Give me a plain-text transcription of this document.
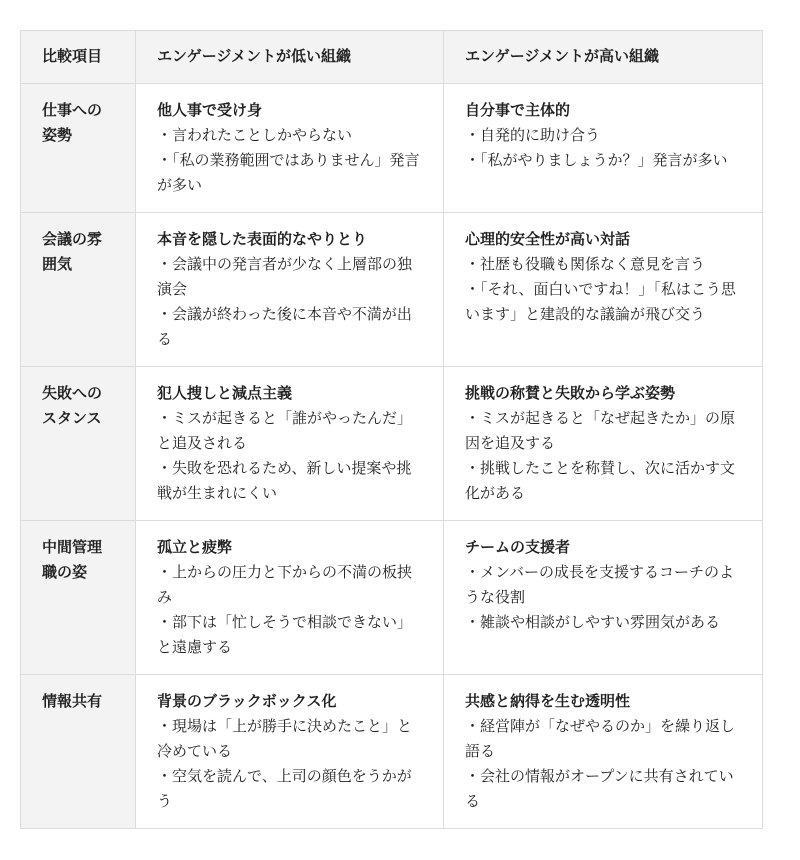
比較項目	エンゲージメントが低い組織	エンゲージメントが高い組織
仕事への姿勢	他人事で受け身
・言われたことしかやらない
・「私の業務範囲ではありません」発言が多い	自分事で主体的
・自発的に助け合う
・「私がやりましょうか？」発言が多い

会議の雰囲気	本音を隠した表面的なやりとり
・会議中の発言者が少なく上層部の独演会
・会議が終わった後に本音や不満が出る	心理的安全性が高い対話
・社歴も役職も関係なく意見を言う
・「それ、面白いですね！」「私はこう思います」と建設的な議論が飛び交う

失敗へのスタンス	犯人捜しと減点主義
・ミスが起きると「誰がやったんだ」と追及される
・失敗を恐れるため、新しい提案や挑戦が生まれにくい	挑戦の称賛と失敗から学ぶ姿勢
・ミスが起きると「なぜ起きたか」の原因を追及する
・挑戦したことを称賛し、次に活かす文化がある

中間管理職の姿	孤立と疲弊
・上からの圧力と下からの不満の板挟み
・部下は「忙しそうで相談できない」と遠慮する	チームの支援者
・メンバーの成長を支援するコーチのような役割
・雑談や相談がしやすい雰囲気がある

情報共有	背景のブラックボックス化
・現場は「上が勝手に決めたこと」と冷めている
・空気を読んで、上司の顔色をうかがう	共感と納得を生む透明性
・経営陣が「なぜやるのか」を繰り返し語る
・会社の情報がオープンに共有されている
